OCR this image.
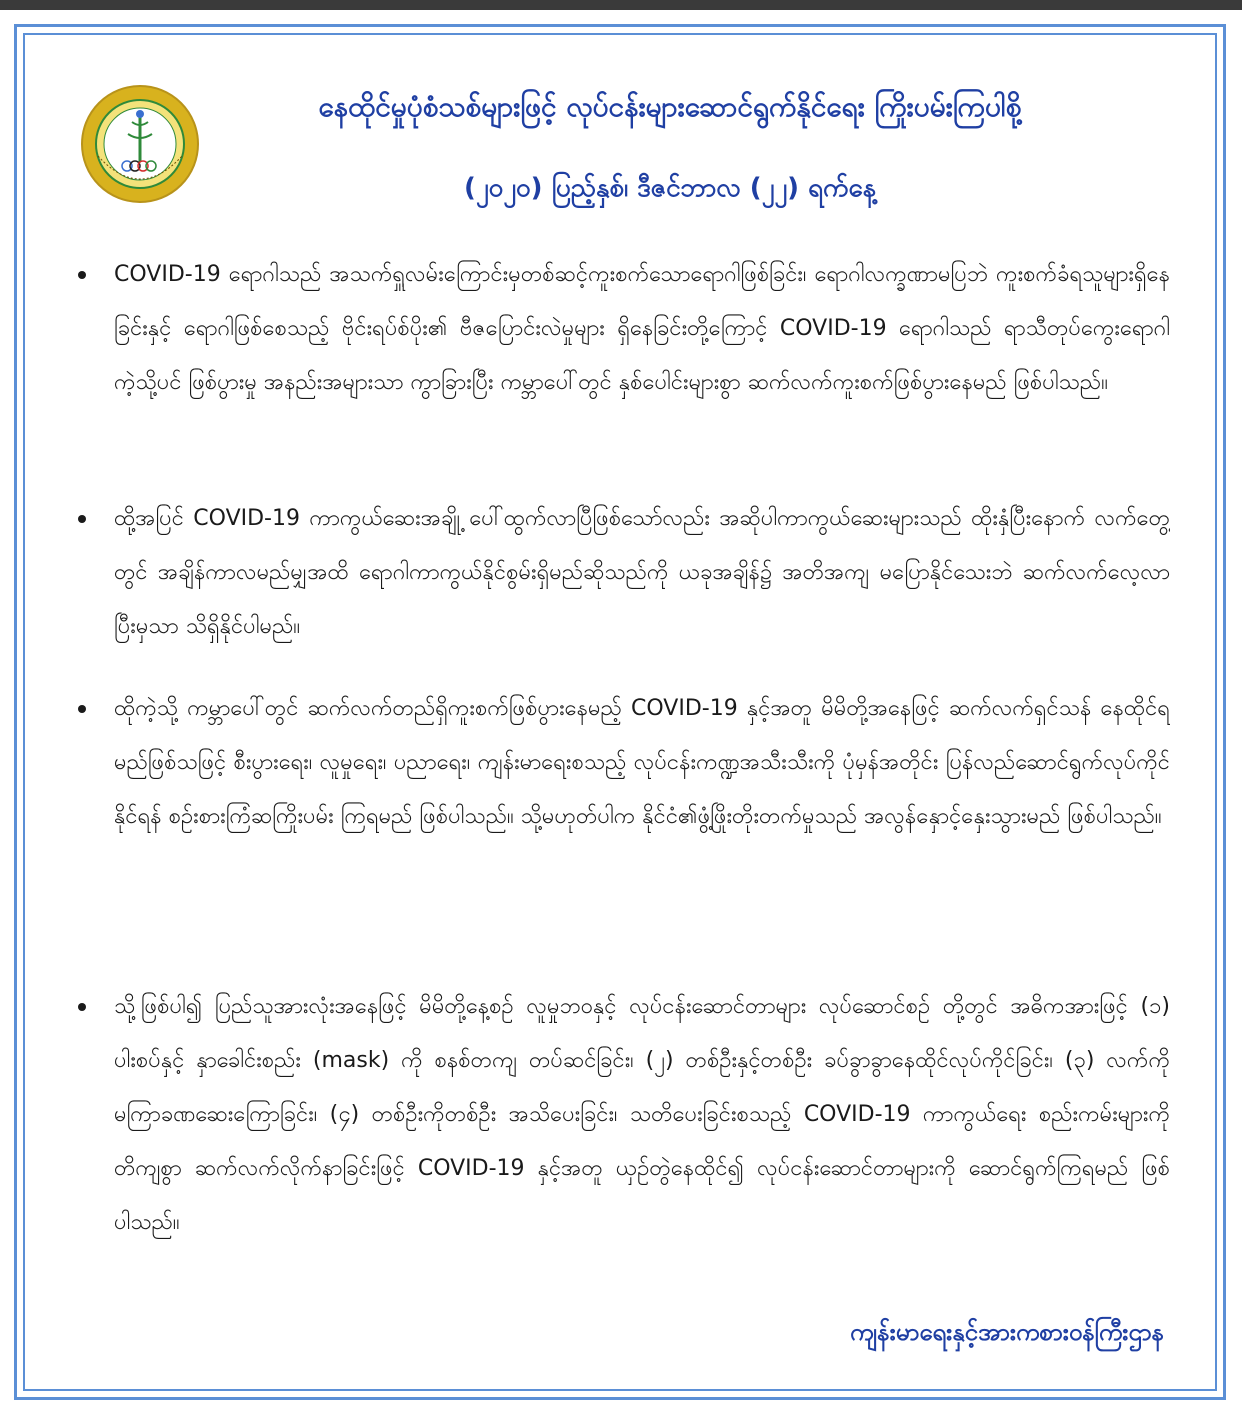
နေထိုင်မှုပုံစံသစ်များဖြင့် လုပ်ငန်းများဆောင်ရွက်နိုင်ရေး ကြိုးပမ်းကြပါစို့
(၂၀၂၀) ပြည့်နှစ်၊ ဒီဇင်ဘာလ (၂၂) ရက်နေ့
COVID-19 ရောဂါသည် အသက်ရှူလမ်းကြောင်းမှတစ်ဆင့်ကူးစက်သောရောဂါဖြစ်ခြင်း၊ ရောဂါလက္ခဏာမပြဘဲ ကူးစက်ခံရသူများရှိနေခြင်းနှင့် ရောဂါဖြစ်စေသည့် ဗိုင်းရပ်စ်ပိုး၏ ဗီဇပြောင်းလဲမှုများ ရှိနေခြင်းတို့ကြောင့် COVID-19 ရောဂါသည် ရာသီတုပ်ကွေးရောဂါကဲ့သို့ပင် ဖြစ်ပွားမှု အနည်းအများသာ ကွာခြားပြီး ကမ္ဘာပေါ်တွင် နှစ်ပေါင်းများစွာ ဆက်လက်ကူးစက်ဖြစ်ပွားနေမည် ဖြစ်ပါသည်။
ထို့အပြင် COVID-19 ကာကွယ်ဆေးအချို့ ပေါ်ထွက်လာပြီဖြစ်သော်လည်း အဆိုပါကာကွယ်ဆေးများသည် ထိုးနှံပြီးနောက် လက်တွေ့တွင် အချိန်ကာလမည်မျှအထိ ရောဂါကာကွယ်နိုင်စွမ်းရှိမည်ဆိုသည်ကို ယခုအချိန်၌ အတိအကျ မပြောနိုင်သေးဘဲ ဆက်လက်လေ့လာပြီးမှသာ သိရှိနိုင်ပါမည်။
ထိုကဲ့သို့ ကမ္ဘာပေါ်တွင် ဆက်လက်တည်ရှိကူးစက်ဖြစ်ပွားနေမည့် COVID-19 နှင့်အတူ မိမိတို့အနေဖြင့် ဆက်လက်ရှင်သန် နေထိုင်ရမည်ဖြစ်သဖြင့် စီးပွားရေး၊ လူမှုရေး၊ ပညာရေး၊ ကျန်းမာရေးစသည့် လုပ်ငန်းကဏ္ဍအသီးသီးကို ပုံမှန်အတိုင်း ပြန်လည်ဆောင်ရွက်လုပ်ကိုင်နိုင်ရန် စဉ်းစားကြံဆကြိုးပမ်း ကြရမည် ဖြစ်ပါသည်။ သို့မဟုတ်ပါက နိုင်ငံ၏ဖွံ့ဖြိုးတိုးတက်မှုသည် အလွန်နှောင့်နှေးသွားမည် ဖြစ်ပါသည်။
သို့ဖြစ်ပါ၍ ပြည်သူအားလုံးအနေဖြင့် မိမိတို့နေ့စဉ် လူမှုဘဝနှင့် လုပ်ငန်းဆောင်တာများ လုပ်ဆောင်စဉ် တို့တွင် အဓိကအားဖြင့် (၁) ပါးစပ်နှင့် နှာခေါင်းစည်း (mask) ကို စနစ်တကျ တပ်ဆင်ခြင်း၊ (၂) တစ်ဦးနှင့်တစ်ဦး ခပ်ခွာခွာနေထိုင်လုပ်ကိုင်ခြင်း၊ (၃) လက်ကို မကြာခဏဆေးကြောခြင်း၊ (၄) တစ်ဦးကိုတစ်ဦး အသိပေးခြင်း၊ သတိပေးခြင်းစသည့် COVID-19 ကာကွယ်ရေး စည်းကမ်းများကို တိကျစွာ ဆက်လက်လိုက်နာခြင်းဖြင့် COVID-19 နှင့်အတူ ယှဉ်တွဲနေထိုင်၍ လုပ်ငန်းဆောင်တာများကို ဆောင်ရွက်ကြရမည် ဖြစ်ပါသည်။
ကျန်းမာရေးနှင့်အားကစားဝန်ကြီးဌာန
